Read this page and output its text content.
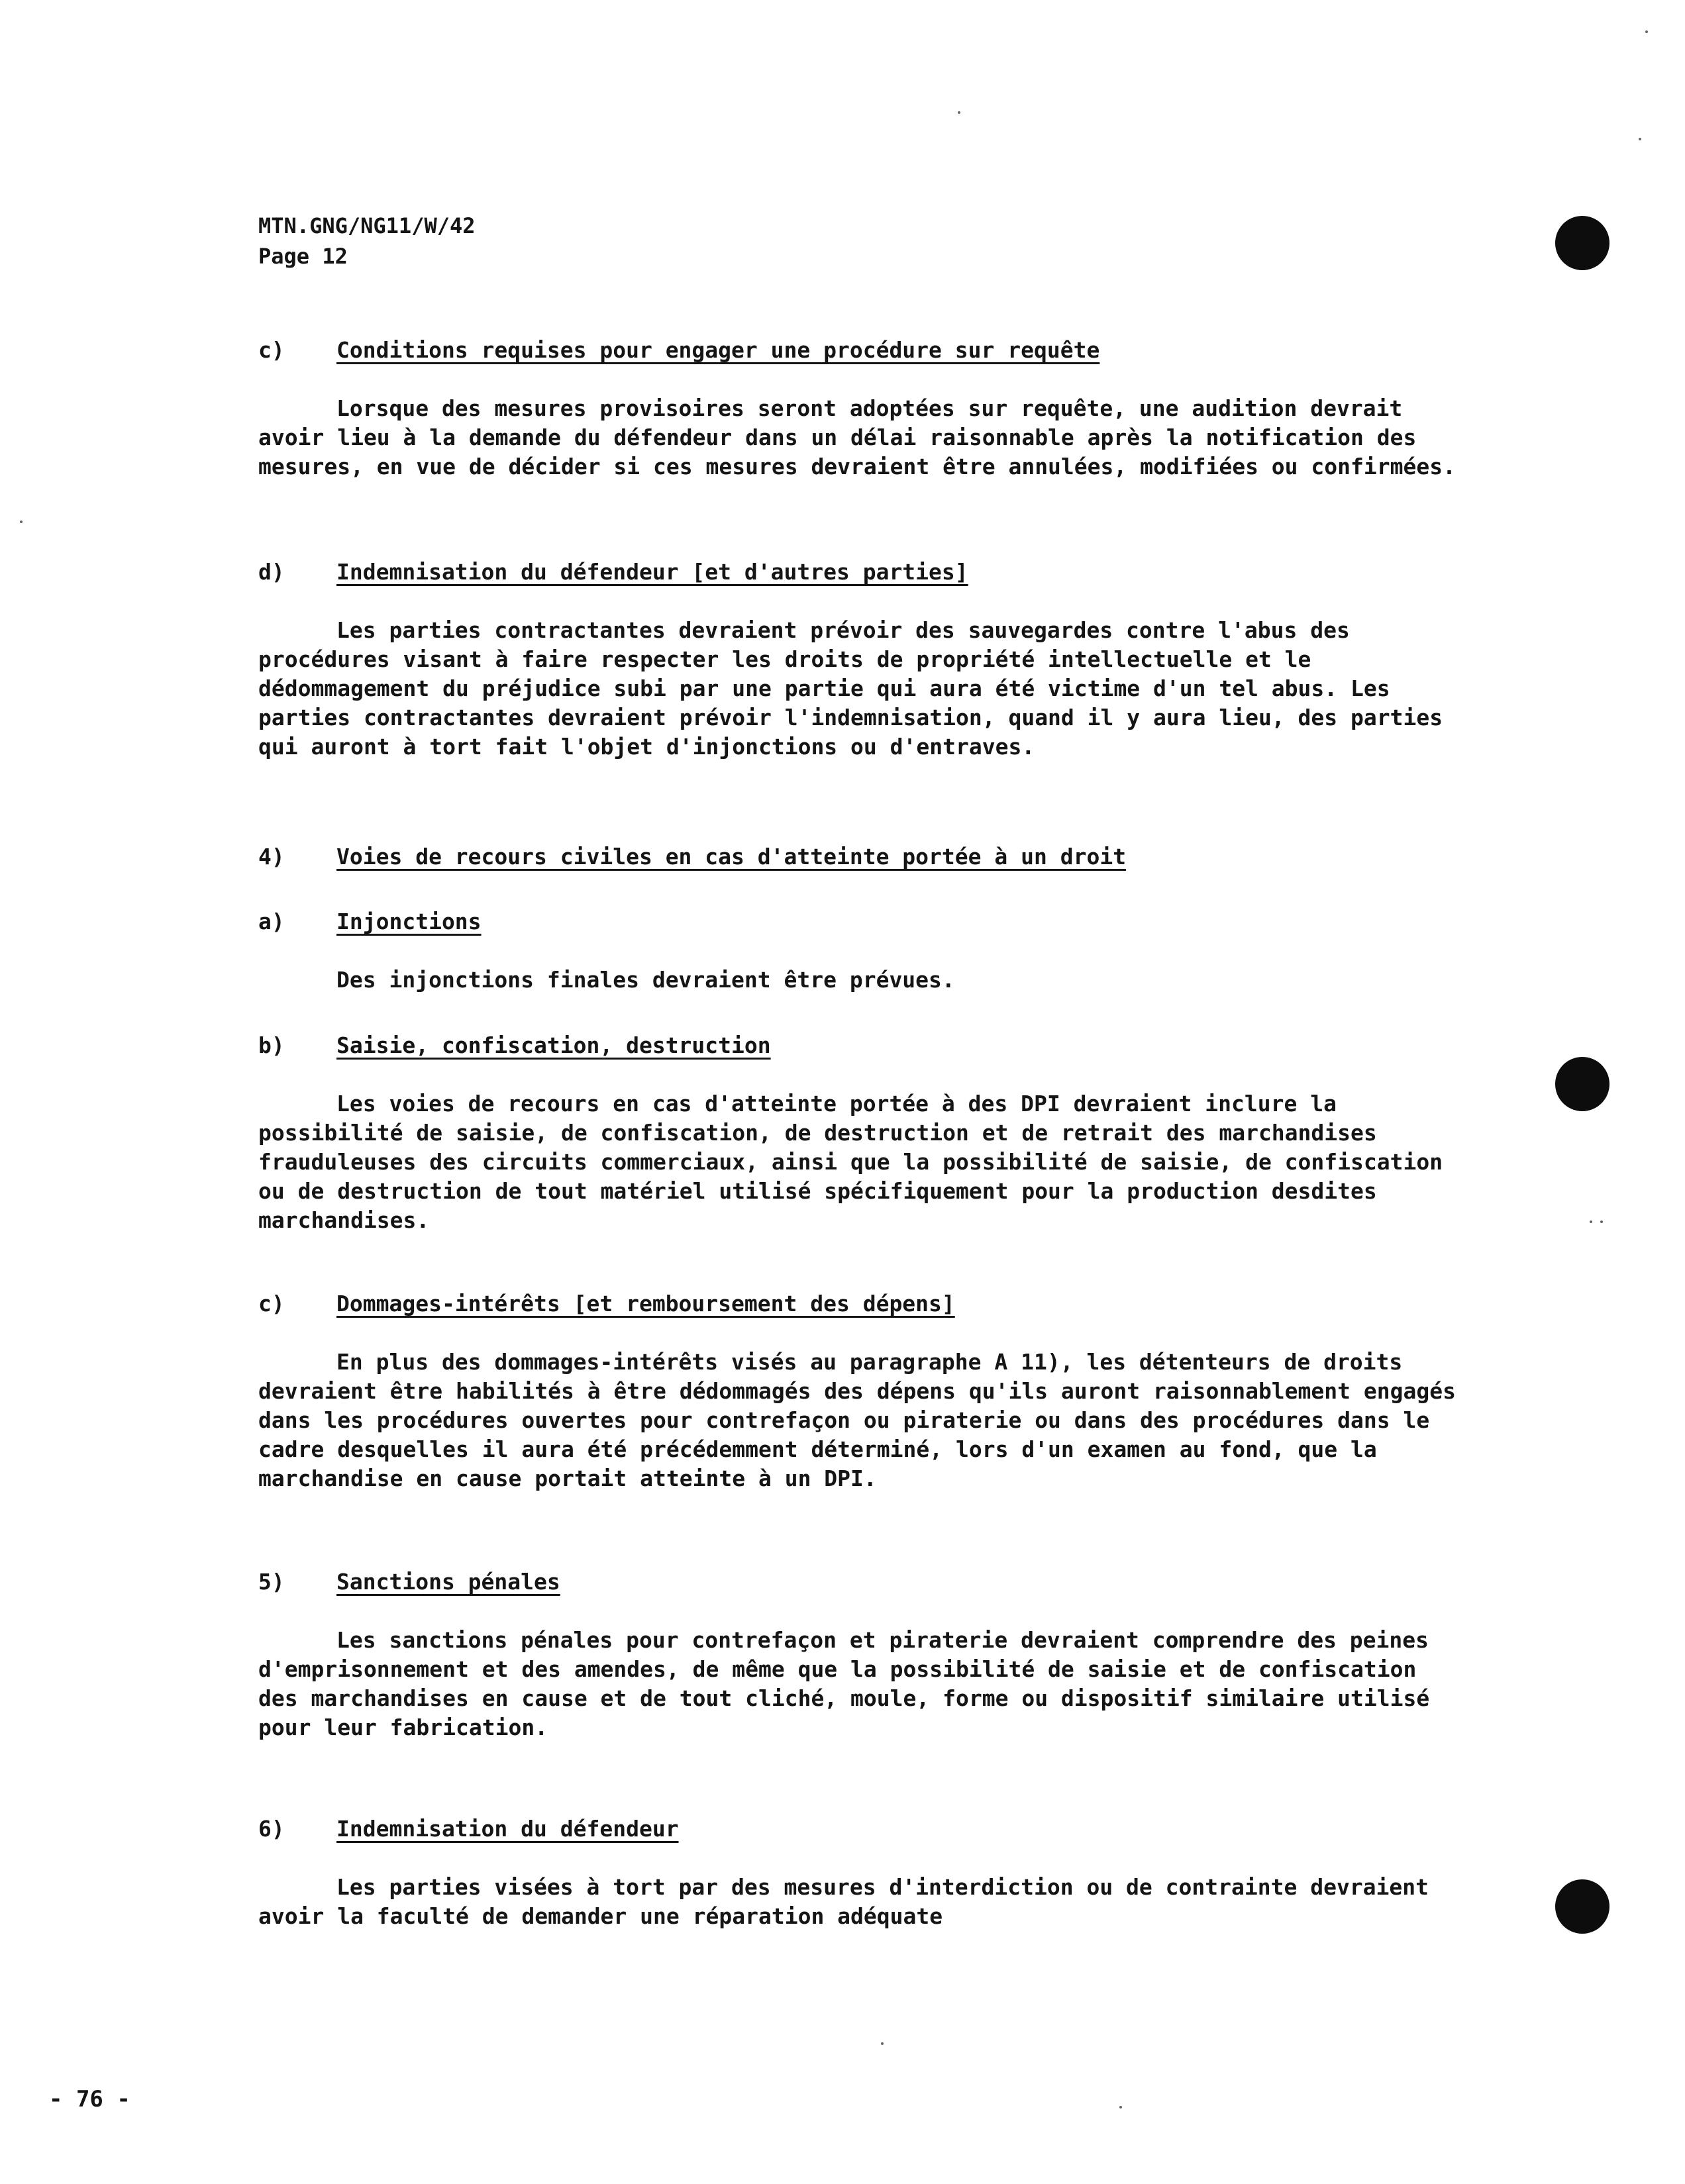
MTN.GNG/NG11/W/42
Page 12
c) Conditions requises pour engager une procédure sur requête

Lorsque des mesures provisoires seront adoptées sur requête, une audition devrait avoir lieu à la demande du défendeur dans un délai raisonnable après la notification des mesures, en vue de décider si ces mesures devraient être annulées, modifiées ou confirmées.

d) Indemnisation du défendeur [et d'autres parties]

Les parties contractantes devraient prévoir des sauvegardes contre l'abus des procédures visant à faire respecter les droits de propriété intellectuelle et le dédommagement du préjudice subi par une partie qui aura été victime d'un tel abus. Les parties contractantes devraient prévoir l'indemnisation, quand il y aura lieu, des parties qui auront à tort fait l'objet d'injonctions ou d'entraves.

4) Voies de recours civiles en cas d'atteinte portée à un droit
a) Injonctions

Des injonctions finales devraient être prévues.

b) Saisie, confiscation, destruction

Les voies de recours en cas d'atteinte portée à des DPI devraient inclure la possibilité de saisie, de confiscation, de destruction et de retrait des marchandises frauduleuses des circuits commerciaux, ainsi que la possibilité de saisie, de confiscation ou de destruction de tout matériel utilisé spécifiquement pour la production desdites marchandises.

c) Dommages-intérêts [et remboursement des dépens]

En plus des dommages-intérêts visés au paragraphe A 11), les détenteurs de droits devraient être habilités à être dédommagés des dépens qu'ils auront raisonnablement engagés dans les procédures ouvertes pour contrefaçon ou piraterie ou dans des procédures dans le cadre desquelles il aura été précédemment déterminé, lors d'un examen au fond, que la marchandise en cause portait atteinte à un DPI.

5) Sanctions pénales

Les sanctions pénales pour contrefaçon et piraterie devraient comprendre des peines d'emprisonnement et des amendes, de même que la possibilité de saisie et de confiscation des marchandises en cause et de tout cliché, moule, forme ou dispositif similaire utilisé pour leur fabrication.

6) Indemnisation du défendeur

Les parties visées à tort par des mesures d'interdiction ou de contrainte devraient avoir la faculté de demander une réparation adéquate

- 76 -
